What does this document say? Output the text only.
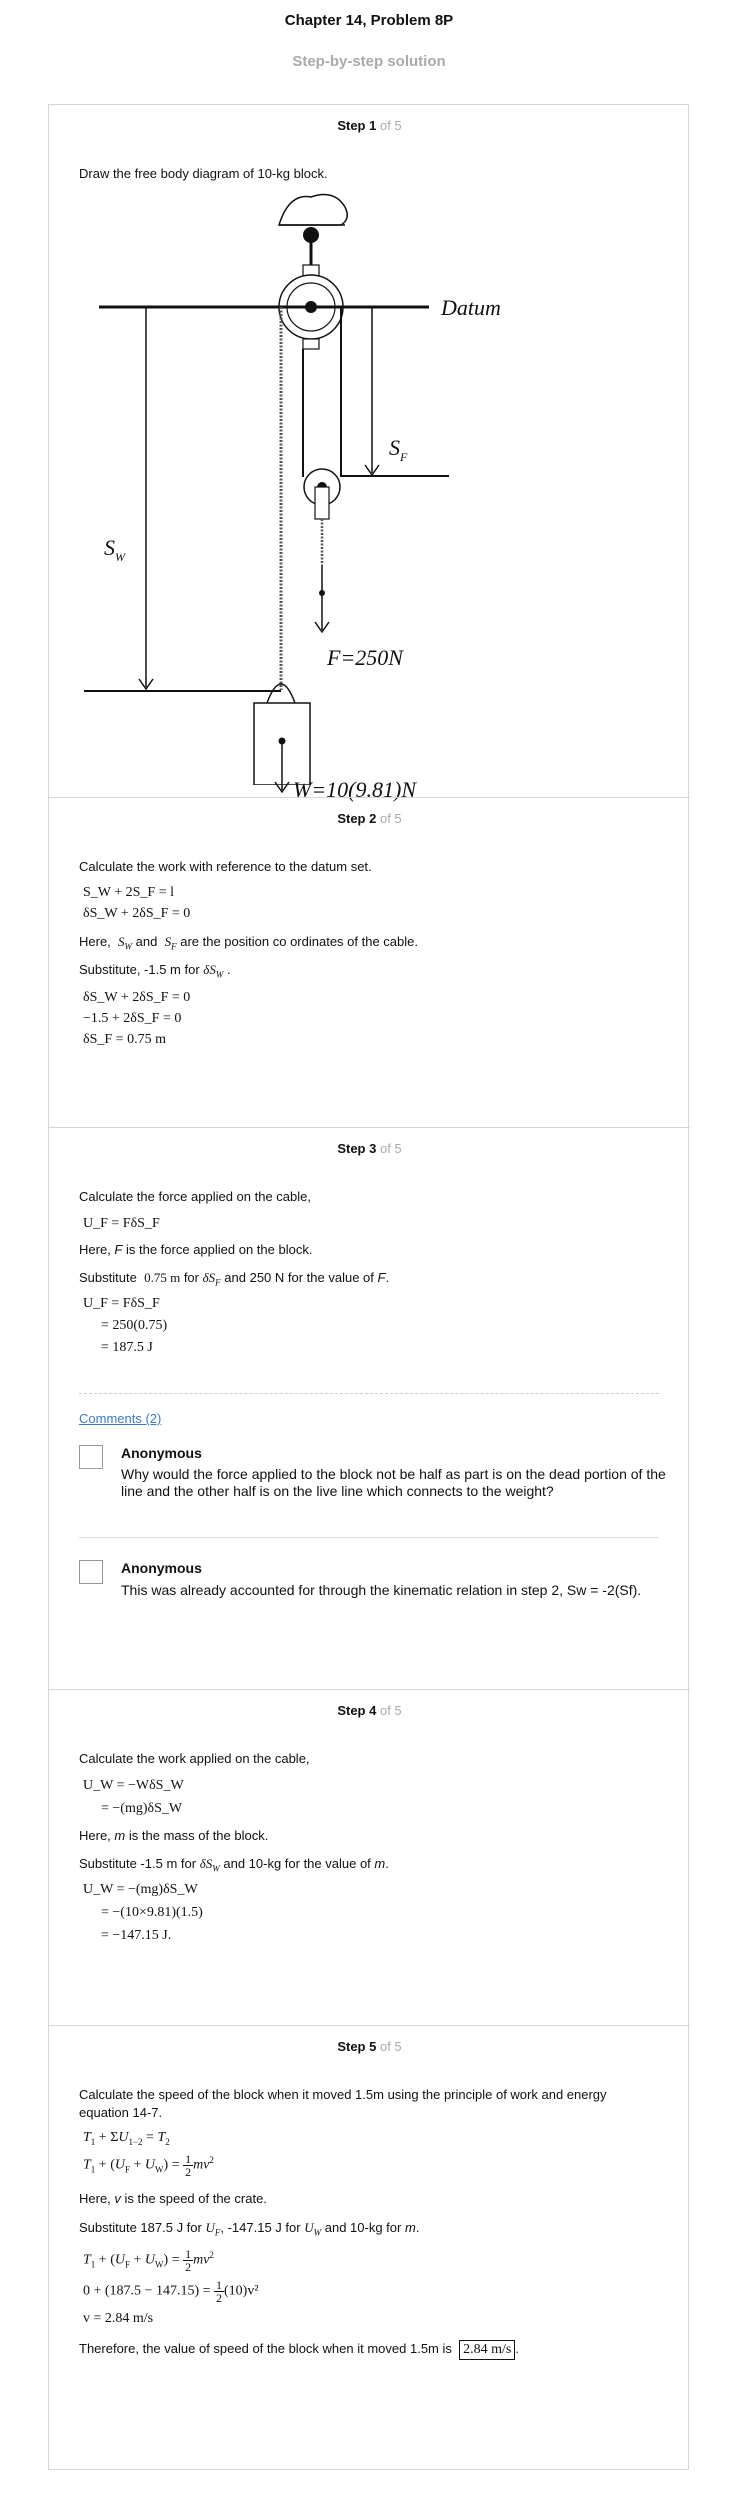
Chapter 14, Problem 8P
Step-by-step solution
Step 1 of 5
Draw the free body diagram of 10-kg block.
Datum
F=250N
$S_F$
$S_W$
W=10(9.81)N
Step 2 of 5
Calculate the work with reference to the datum set.
S_W + 2S_F = l
δS_W + 2δS_F = 0
Here, $S_W$ and $S_F$ are the position co ordinates of the cable.
Substitute, -1.5 m for $\delta S_W$ .
δS_W + 2δS_F = 0
−1.5 + 2δS_F = 0
δS_F = 0.75 m
Step 3 of 5
Calculate the force applied on the cable,
U_F = FδS_F
Here, F is the force applied on the block.
Substitute 0.75 m for $\delta S_F$ and 250 N for the value of F.
U_F = FδS_F
= 250(0.75)
= 187.5 J
Comments (2)
Anonymous
Why would the force applied to the block not be half as part is on the dead portion of the line and the other half is on the live line which connects to the weight?
Anonymous
This was already accounted for through the kinematic relation in step 2, Sw = -2(Sf).
Step 4 of 5
Calculate the work applied on the cable,
U_W = −WδS_W
= −(mg)δS_W
Here, m is the mass of the block.
Substitute -1.5 m for $\delta S_W$ and 10-kg for the value of m.
U_W = −(mg)δS_W
= −(10×9.81)(1.5)
= −147.15 J.
Step 5 of 5
Calculate the speed of the block when it moved 1.5m using the principle of work and energy
equation 14-7.
$T_1 + \Sigma U_{1-2} = T_2$
$T_1 + (U_F + U_W) = \frac{1}{2} mv^2$
Here, v is the speed of the crate.
Substitute 187.5 J for $U_F$, -147.15 J for $U_W$ and 10-kg for m.
$T_1 + (U_F + U_W) = \frac{1}{2} mv^2$
$0 + (187.5 - 147.15) = \frac{1}{2} (10)v^2$
v = 2.84 m/s
Therefore, the value of speed of the block when it moved 1.5m is 2.84 m/s .
